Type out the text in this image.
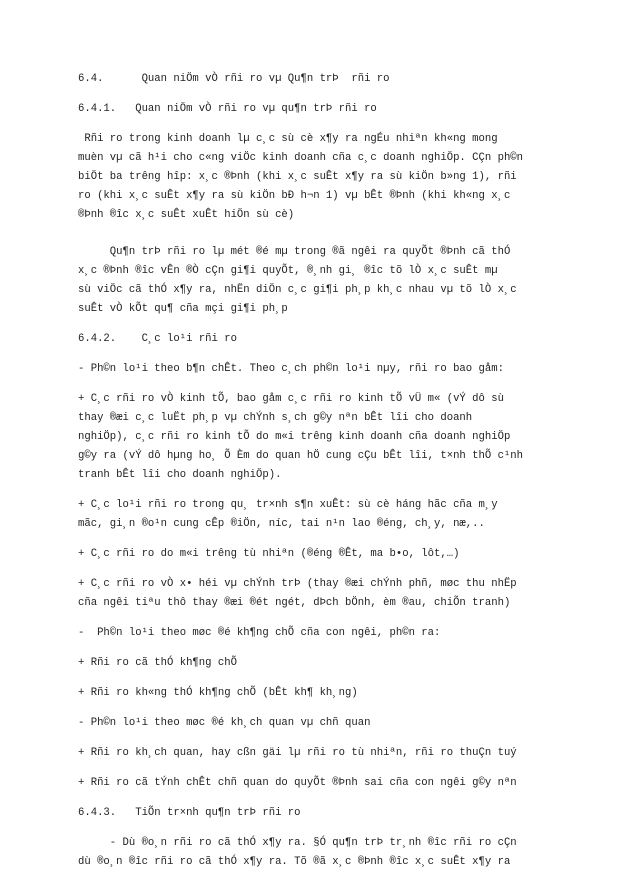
6.4.      Quan niÖm vÒ rñi ro vµ Qu¶n trÞ  rñi ro

6.4.1.   Quan niÖm vÒ rñi ro vµ qu¶n trÞ rñi ro

Rñi ro trong kinh doanh lµ c¸c sù cè x¶y ra ngÉu nhiªn kh«ng mong

muèn vµ cã h¹i cho c«ng viÖc kinh doanh cña c¸c doanh nghiÖp. CÇn ph©n

biÖt ba trêng hîp: x¸c ®Þnh (khi x¸c suÊt x¶y ra sù kiÖn b»ng 1), rñi

ro (khi x¸c suÊt x¶y ra sù kiÖn bÐ h¬n 1) vµ bÊt ®Þnh (khi kh«ng x¸c

®Þnh ®îc x¸c suÊt xuÊt hiÖn sù cè)

Qu¶n trÞ rñi ro lµ mét ®é mµ trong ®ã ngêi ra quyÕt ®Þnh cã thÓ

x¸c ®Þnh ®îc vÊn ®Ò cÇn gi¶i quyÕt, ®¸nh gi¸ ®îc tõ lÒ x¸c suÊt mµ

sù viÖc cã thÓ x¶y ra, nhËn diÖn c¸c gi¶i ph¸p kh¸c nhau vµ tõ lÒ x¸c

suÊt vÒ kÕt qu¶ cña mçi gi¶i ph¸p

6.4.2.    C¸c lo¹i rñi ro

- Ph©n lo¹i theo b¶n chÊt. Theo c¸ch ph©n lo¹i nµy, rñi ro bao gåm:

+ C¸c rñi ro vÒ kinh tÕ, bao gåm c¸c rñi ro kinh tÕ vÜ m« (vÝ dô sù

thay ®æi c¸c luËt ph¸p vµ chÝnh s¸ch g©y nªn bÊt lîi cho doanh

nghiÖp), c¸c rñi ro kinh tÕ do m«i trêng kinh doanh cña doanh nghiÖp

g©y ra (vÝ dô hµng ho¸ Õ Èm do quan hÖ cung cÇu bÊt lîi, t×nh thÕ c¹nh

tranh bÊt lîi cho doanh nghiÖp).

+ C¸c lo¹i rñi ro trong qu¸ tr×nh s¶n xuÊt: sù cè háng hãc cña m¸y

mãc, gi¸n ®o¹n cung cÊp ®iÖn, níc, tai n¹n lao ®éng, ch¸y, næ,..

+ C¸c rñi ro do m«i trêng tù nhiªn (®éng ®Êt, ma b•o, lôt,…)

+ C¸c rñi ro vÒ x• héi vµ chÝnh trÞ (thay ®æi chÝnh phñ, møc thu nhËp

cña ngêi tiªu thô thay ®æi ®ét ngét, dÞch bÖnh, èm ®au, chiÕn tranh)

-  Ph©n lo¹i theo møc ®é kh¶ng chÕ cña con ngêi, ph©n ra:

+ Rñi ro cã thÓ kh¶ng chÕ

+ Rñi ro kh«ng thÓ kh¶ng chÕ (bÊt kh¶ kh¸ng)

- Ph©n lo¹i theo møc ®é kh¸ch quan vµ chñ quan

+ Rñi ro kh¸ch quan, hay cßn gäi lµ rñi ro tù nhiªn, rñi ro thuÇn tuý

+ Rñi ro cã tÝnh chÊt chñ quan do quyÕt ®Þnh sai cña con ngêi g©y nªn

6.4.3.   TiÕn tr×nh qu¶n trÞ rñi ro

- Dù ®o¸n rñi ro cã thÓ x¶y ra. §Ó qu¶n trÞ tr¸nh ®îc rñi ro cÇn

dù ®o¸n ®îc rñi ro cã thÓ x¶y ra. Tõ ®ã x¸c ®Þnh ®îc x¸c suÊt x¶y ra
